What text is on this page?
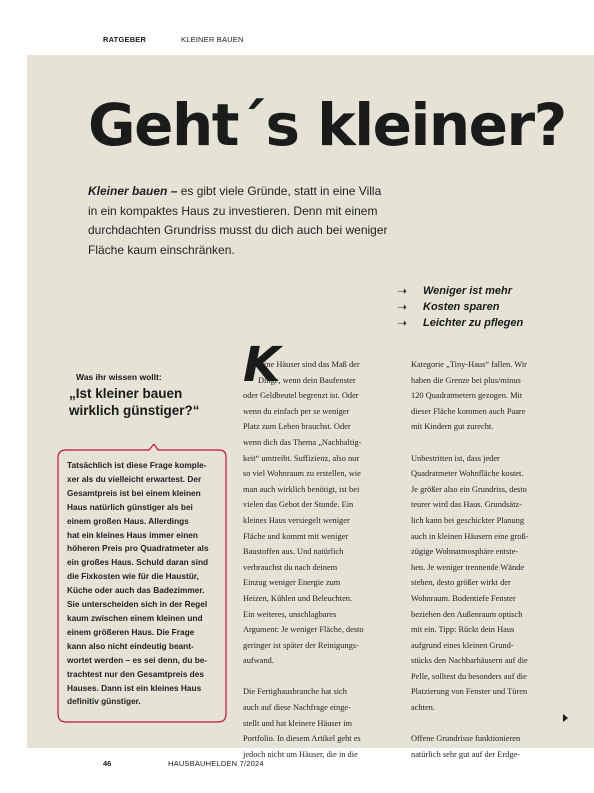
RATGEBER	KLEINER BAUEN
Geht´s kleiner?
Kleiner bauen – es gibt viele Gründe, statt in eine Villa
in ein kompaktes Haus zu investieren. Denn mit einem
durchdachten Grundriss musst du dich auch bei weniger
Fläche kaum einschränken.
➝	Weniger ist mehr
➝	Kosten sparen
➝	Leichter zu pflegen
Was ihr wissen wollt:
„Ist kleiner bauen wirklich günstiger?“
Tatsächlich ist diese Frage komple-
xer als du vielleicht erwartest. Der
Gesamtpreis ist bei einem kleinen
Haus natürlich günstiger als bei
einem großen Haus. Allerdings
hat ein kleines Haus immer einen
höheren Preis pro Quadratmeter als
ein großes Haus. Schuld daran sind
die Fixkosten wie für die Haustür,
Küche oder auch das Badezimmer.
Sie unterscheiden sich in der Regel
kaum zwischen einem kleinen und
einem größeren Haus. Die Frage
kann also nicht eindeutig beant-
wortet werden – es sei denn, du be-
trachtest nur den Gesamtpreis des
Hauses. Dann ist ein kleines Haus
definitiv günstiger.
K
leine Häuser sind das Maß der
Dinge, wenn dein Baufenster
oder Geldbeutel begrenzt ist. Oder
wenn du einfach per se weniger
Platz zum Leben brauchst. Oder
wenn dich das Thema „Nachhaltig-
keit“ umtreibt. Suffizienz, also nur
so viel Wohnraum zu erstellen, wie
man auch wirklich benötigt, ist bei
vielen das Gebot der Stunde. Ein
kleines Haus versiegelt weniger
Fläche und kommt mit weniger
Baustoffen aus. Und natürlich
verbrauchst du nach deinem
Einzug weniger Energie zum
Heizen, Kühlen und Beleuchten.
Ein weiteres, unschlagbares
Argument: Je weniger Fläche, desto
geringer ist später der Reinigungs-
aufwand.
Die Fertighausbranche hat sich
auch auf diese Nachfrage einge-
stellt und hat kleinere Häuser im
Portfolio. In diesem Artikel geht es
jedoch nicht um Häuser, die in die
Kategorie „Tiny-Haus“ fallen. Wir
haben die Grenze bei plus/minus
120 Quadratmetern gezogen. Mit
dieser Fläche kommen auch Paare
mit Kindern gut zurecht.
Unbestritten ist, dass jeder
Quadratmeter Wohnfläche kostet.
Je größer also ein Grundriss, desto
teurer wird das Haus. Grundsätz-
lich kann bei geschickter Planung
auch in kleinen Häusern eine groß-
zügige Wohnatmosphäre entste-
hen. Je weniger trennende Wände
stehen, desto größer wirkt der
Wohnraum. Bodentiefe Fenster
beziehen den Außenraum optisch
mit ein. Tipp: Rückt dein Haus
aufgrund eines kleinen Grund-
stücks den Nachbarhäusern auf die
Pelle, solltest du besonders auf die
Platzierung von Fenster und Türen
achten.
Offene Grundrisse funktionieren
natürlich sehr gut auf der Erdge-
46	HAUSBAUHELDEN 7/2024
